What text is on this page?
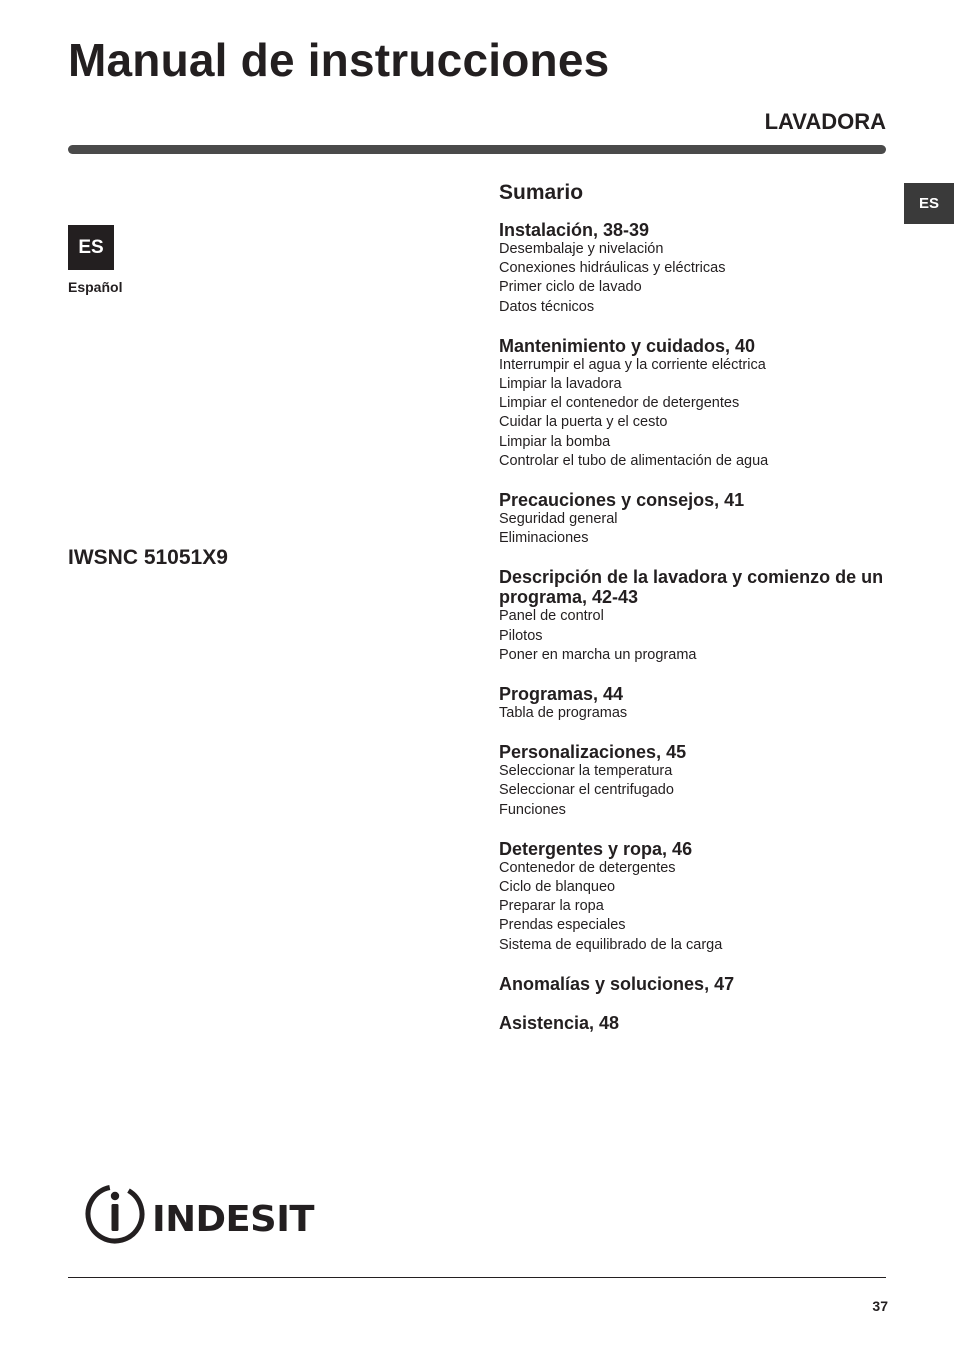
Manual de instrucciones
LAVADORA
ES
ES
Español
IWSNC 51051X9
Sumario
Instalación, 38-39
Desembalaje y nivelación
Conexiones hidráulicas y eléctricas
Primer ciclo de lavado
Datos técnicos
Mantenimiento y cuidados, 40
Interrumpir el agua y la corriente eléctrica
Limpiar la lavadora
Limpiar el contenedor de detergentes
Cuidar la puerta y el cesto
Limpiar la bomba
Controlar el tubo de alimentación de agua
Precauciones y consejos, 41
Seguridad general
Eliminaciones
Descripción de la lavadora y comienzo de un programa, 42-43
Panel de control
Pilotos
Poner en marcha un programa
Programas, 44
Tabla de programas
Personalizaciones, 45
Seleccionar la temperatura
Seleccionar el centrifugado
Funciones
Detergentes y ropa, 46
Contenedor de detergentes
Ciclo de blanqueo
Preparar la ropa
Prendas especiales
Sistema de equilibrado de la carga
Anomalías y soluciones, 47
Asistencia, 48
INDESIT
37
